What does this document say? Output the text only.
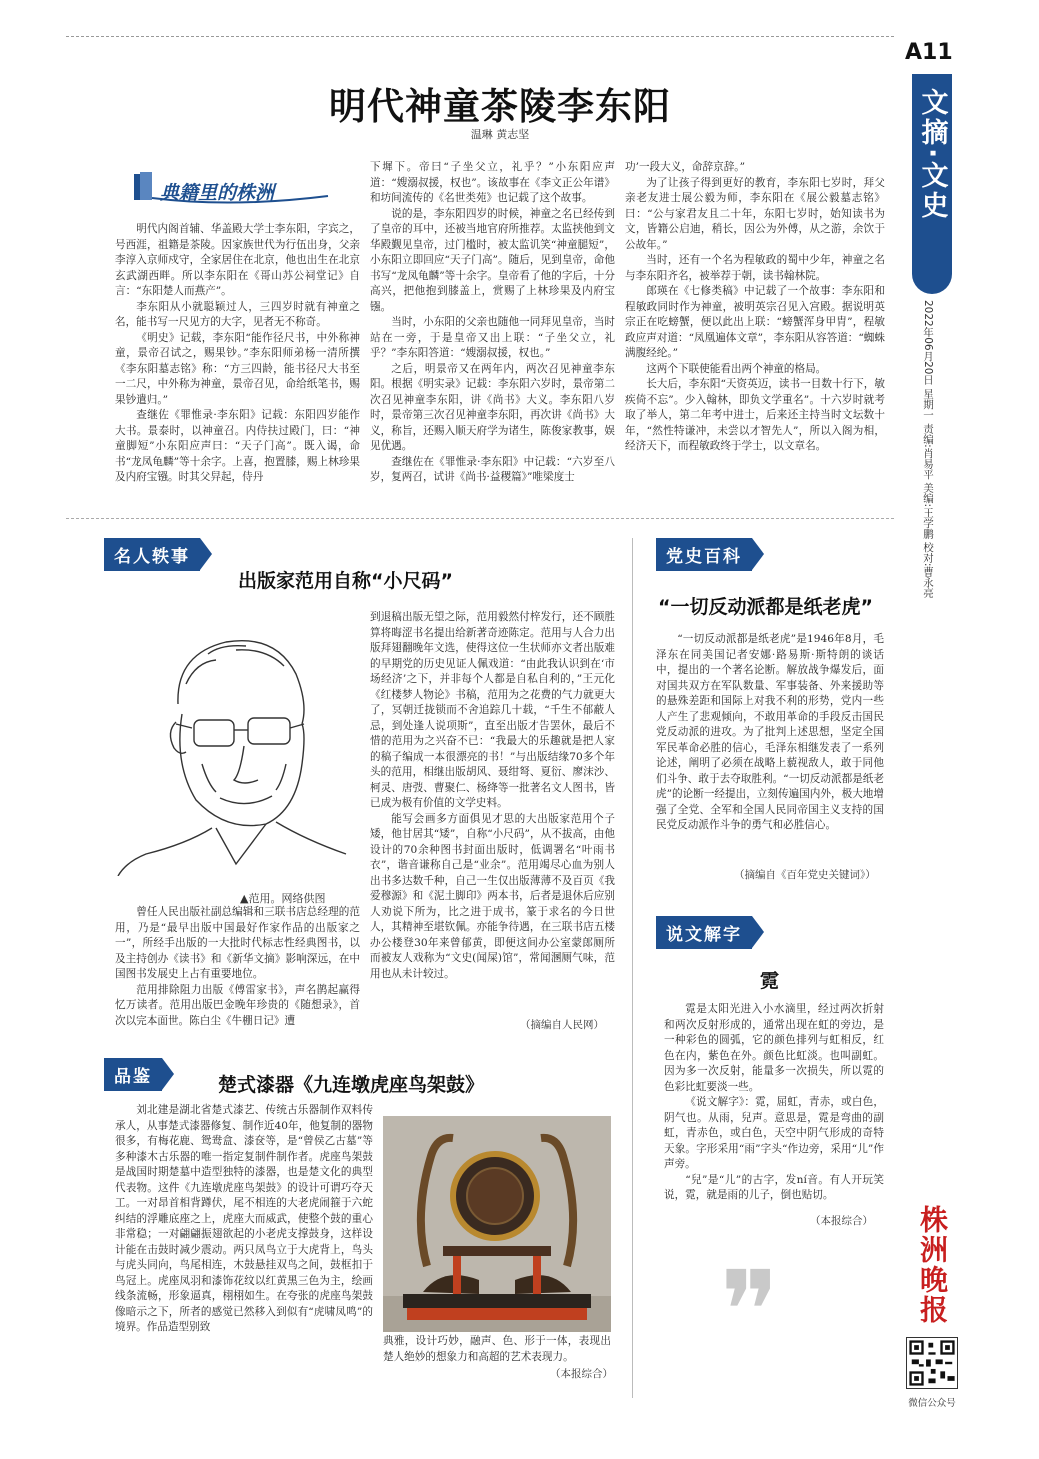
A11
文摘·文史
2022年06月20日 星期一 责编:肖易平 美编:王学鹏 校对:曹永亮
明代神童茶陵李东阳
温琳 黄志坚
典籍里的株洲

明代内阁首辅、华盖殿大学士李东阳，字宾之，号西涯，祖籍是茶陵。因家族世代为行伍出身，父亲李淳入京师戍守，全家居住在北京，他也出生在北京玄武湖西畔。所以李东阳在《哥山苏公祠堂记》自言：“东阳楚人而燕产”。

李东阳从小就聪颖过人，三四岁时就有神童之名，能书写一尺见方的大字，见者无不称奇。

《明史》记载，李东阳“能作径尺书，中外称神童，景帝召试之，赐果钞。”李东阳师弟杨一清所撰《李东阳墓志铭》称：“方三四龄，能书径尺大书至一二尺，中外称为神童，景帝召见，命给纸笔书，赐果钞遣归。”

查继佐《罪惟录·李东阳》记载：东阳四岁能作大书。景泰时，以神童召。内侍扶过殿门，曰：“神童脚短”小东阳应声曰：“天子门高”。既入谒，命书“龙凤龟麟”等十余字。上喜，抱置膝，赐上林珍果及内府宝镪。时其父舁起，侍丹

下墀下。帝曰“子坐父立，礼乎？”小东阳应声道：“嫂溺叔援，权也”。该故事在《李文正公年谱》和坊间流传的《名世类苑》也记载了这个故事。

说的是，李东阳四岁的时候，神童之名已经传到了皇帝的耳中，还被当地官府所推荐。太监挟他到文华殿觐见皇帝，过门槛时，被太监讥笑“神童腿短”，小东阳立即回应“天子门高”。随后，见到皇帝，命他书写“龙凤龟麟”等十余字。皇帝看了他的字后，十分高兴，把他抱到膝盖上，赏赐了上林珍果及内府宝镪。

当时，小东阳的父亲也随他一同拜见皇帝，当时站在一旁，于是皇帝又出上联：“子坐父立，礼乎？”李东阳答道：“嫂溺叔援，权也。”

之后，明景帝又在两年内，两次召见神童李东阳。根据《明实录》记载：李东阳六岁时，景帝第二次召见神童李东阳，讲《尚书》大义。李东阳八岁时，景帝第三次召见神童李东阳，再次讲《尚书》大义，称旨，还赐入顺天府学为诸生，陈俊家教事，娱见优遇。

查继佐在《罪惟录·李东阳》中记载：“六岁至八岁，复两召，试讲《尚书·益稷篇》”唯梁度士

功’一段大义，命辞京辞。”

为了让孩子得到更好的教育，李东阳七岁时，拜父亲老友进士展公毅为师，李东阳在《展公毅墓志铭》曰：“公与家君友且二十年，东阳七岁时，始知读书为文，皆籍公启迪，稍长，因公为外傅，从之游，余饮于公故年。”

当时，还有一个名为程敏政的蜀中少年，神童之名与李东阳齐名，被举荐于朝，读书翰林院。

郎瑛在《七修类稿》中记载了一个故事：李东阳和程敏政同时作为神童，被明英宗召见入宫殿。据说明英宗正在吃螃蟹，便以此出上联：“螃蟹浑身甲胄”，程敏政应声对道：“凤凰遍体文章”，李东阳从容答道：“蜘蛛满腹经纶。”

这两个下联使能看出两个神童的格局。

长大后，李东阳“天资英迈，读书一目数十行下，敏疾倚不忘”。少入翰林，即负文学重名”。十六岁时就考取了举人，第二年考中进士，后来还主持当时文坛数十年，“然性特谦冲，未尝以才智先人”，所以入阁为相，经济天下，而程敏政终于学士，以文章名。

名人轶事
出版家范用自称“小尺码”
▲范用。网络供图

到退稿出版无望之际，范用毅然付梓发行，还不顾胜算将晦涩书名提出给新著奇迹陈定。范用与人合力出版拜翅翻晚年文选，使得这位一生状师亦文者出版难的早期党的历史见证人佩戏道：“由此我认识到在‘市场经济’之下，并非每个人都是自私自利的，”王元化《红楼梦人物论》书稿，范用为之花费的气力就更大了，冥朝迁拢锁而不舍追踪几十载，“千生不郁蔽人忌，到处逢人说项斯”，直至出版才告罢休，最后不惜的范用为之兴奋不已：“我最大的乐趣就是把人家的稿子编成一本很漂亮的书！”与出版结缘70多个年头的范用，相继出版胡风、聂绀弩、夏衍、廖沫沙、柯灵、唐弢、曹聚仁、杨绛等一批著名文人图书，皆已成为极有价值的文学史料。

能写会画多方面俱见才思的大出版家范用个子矮，他甘居其“矮”，自称“小尺码”，从不拔高，由他设计的70余种图书封面出版时，低调署名“叶雨书衣”，谐音谦称自己是“业余”。范用竭尽心血为别人出书多达数千种，自己一生仅出版薄薄不及百页《我爱穆源》和《泥土脚印》两本书，后者是退休后应别人劝说下所为，比之进于成书，篆于求名的今日世人，其精神至堪钦佩。亦能争待遇，在三联书店五楼办公楼登30年来曾郁黄，即便这间办公室蒙郎厕所而被友人戏称为“文史(闻屎)馆”，常闻溷厕气味，范用也从未计较过。

曾任人民出版社副总编辑和三联书店总经理的范用，乃是“最早出版中国最好作家作品的出版家之一”，所经手出版的一大批时代标志性经典图书，以及主持创办《读书》和《新华文摘》影响深远，在中国图书发展史上占有重要地位。

范用排除阻力出版《傅雷家书》，声名鹊起赢得忆万读者。范用出版巴金晚年珍贵的《随想录》，首次以完本面世。陈白尘《牛棚日记》遭	（摘编自人民网）
品鉴	楚式漆器《九连墩虎座鸟架鼓》

刘北建是湖北省楚式漆艺、传统古乐器制作双料传承人，从事楚式漆器修复、制作近40年，他复制的器物很多，有梅花鹿、鸳鸯盒、漆奁等，是“曾侯乙古墓”等多种漆木古乐器的唯一指定复制件制作者。虎座鸟架鼓是战国时期楚墓中造型独特的漆器，也是楚文化的典型代表物。这件《九连墩虎座鸟架鼓》的设计可谓巧夺天工。一对昂首相背蹲伏，尾不相连的大老虎闹箍于六蛇纠结的浮雕底座之上，虎座大而威武，使整个鼓的重心非常稳；一对翩翩振翅欲起的小老虎支撑鼓身，这样设计能在击鼓时减少震动。两只凤鸟立于大虎背上，鸟头与虎头同向，鸟尾相连，木鼓悬挂双鸟之间，鼓框扣于鸟冠上。虎座凤羽和漆饰花纹以红黄黑三色为主，绘画线条流畅，形象逼真，栩栩如生。在夸张的虎座鸟架鼓像暗示之下，所者的感觉已然移入到似有“虎啸凤鸣”的境界。作品造型别致

典雅，设计巧妙，融声、色、形于一体，表现出楚人绝妙的想象力和高超的艺术表现力。

（本报综合）
党史百科
“一切反动派都是纸老虎”

“一切反动派都是纸老虎”是1946年8月，毛泽东在同美国记者安娜·路易斯·斯特朗的谈话中，提出的一个著名论断。解放战争爆发后，面对国共双方在军队数量、军事装备、外来援助等的悬殊差距和国际上对我不利的形势，党内一些人产生了悲观倾向，不敢用革命的手段反击国民党反动派的进攻。为了批判上述思想，坚定全国军民革命必胜的信心，毛泽东相继发表了一系列论述，阐明了必须在战略上藐视敌人，敢于同他们斗争、敢于去夺取胜利。“一切反动派都是纸老虎”的论断一经提出，立刻传遍国内外，极大地增强了全党、全军和全国人民同帝国主义支持的国民党反动派作斗争的勇气和必胜信心。

（摘编自《百年党史关键词》）
说文解字
霓

霓是太阳光进入小水滴里，经过两次折射和两次反射形成的，通常出现在虹的旁边，是一种彩色的圆弧，它的颜色排列与虹相反，红色在内，紫色在外。颜色比虹淡。也叫副虹。因为多一次反射，能量多一次损失，所以霓的色彩比虹要淡一些。

《说文解字》：霓，屈虹，青赤，或白色，阴气也。从雨，兒声。意思是，霓是弯曲的副虹，青赤色，或白色，天空中阴气形成的奇特天象。字形采用“雨”字头“作边旁，采用“儿”作声旁。

“兒”是“儿”的古字，发ní音。有人开玩笑说，霓，就是雨的儿子，倒也贴切。

（本报综合）
❞	株洲晚报
微信公众号
